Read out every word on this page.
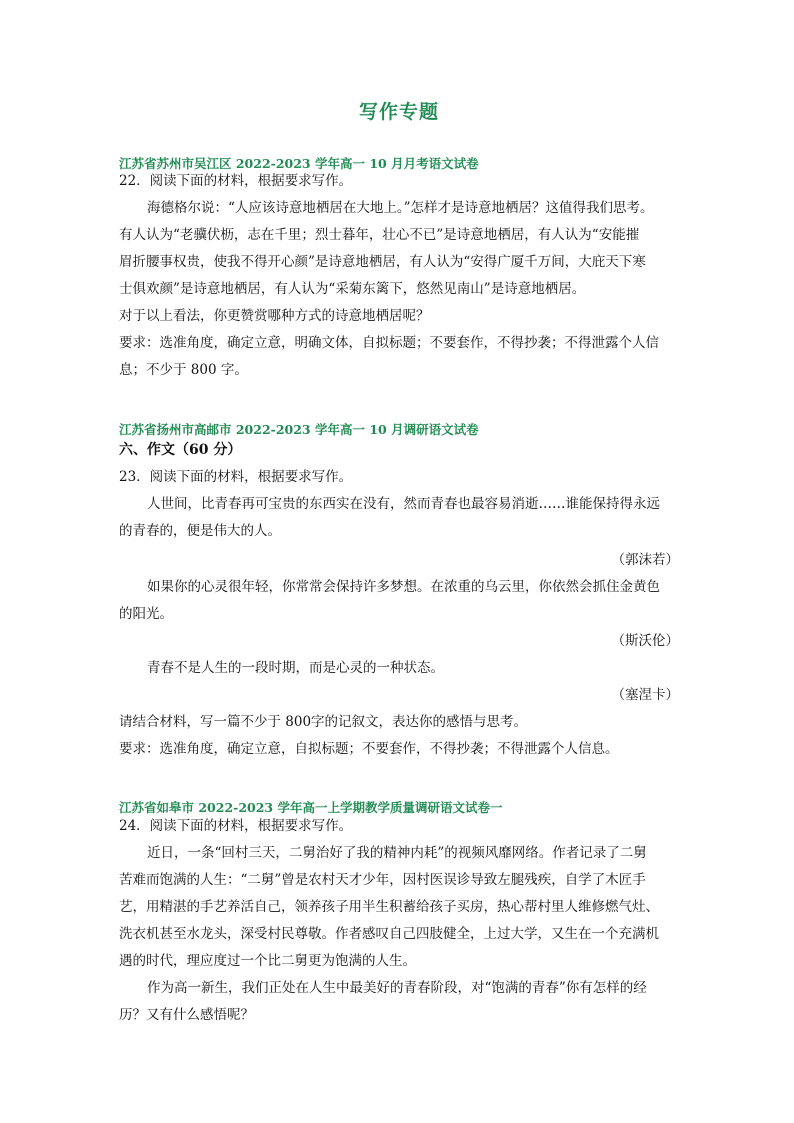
写作专题
江苏省苏州市吴江区 2022-2023 学年高一 10 月月考语文试卷
22．阅读下面的材料，根据要求写作。
海德格尔说：“人应该诗意地栖居在大地上。”怎样才是诗意地栖居？这值得我们思考。
有人认为“老骥伏枥，志在千里；烈士暮年，壮心不已”是诗意地栖居，有人认为“安能摧
眉折腰事权贵，使我不得开心颜”是诗意地栖居，有人认为“安得广厦千万间，大庇天下寒
士俱欢颜”是诗意地栖居，有人认为“采菊东篱下，悠然见南山”是诗意地栖居。
对于以上看法，你更赞赏哪种方式的诗意地栖居呢？
要求：选准角度，确定立意，明确文体，自拟标题；不要套作，不得抄袭；不得泄露个人信
息；不少于 800 字。
江苏省扬州市高邮市 2022-2023 学年高一 10 月调研语文试卷
六、作文（60 分）
23．阅读下面的材料，根据要求写作。
人世间，比青春再可宝贵的东西实在没有，然而青春也最容易消逝……谁能保持得永远
的青春的，便是伟大的人。
（郭沫若）
如果你的心灵很年轻，你常常会保持许多梦想。在浓重的乌云里，你依然会抓住金黄色
的阳光。
（斯沃伦）
青春不是人生的一段时期，而是心灵的一种状态。
（塞涅卡）
请结合材料，写一篇不少于 800字的记叙文，表达你的感悟与思考。
要求：选准角度，确定立意，自拟标题；不要套作，不得抄袭；不得泄露个人信息。
江苏省如皋市 2022-2023 学年高一上学期教学质量调研语文试卷一
24．阅读下面的材料，根据要求写作。
近日，一条“回村三天，二舅治好了我的精神内耗”的视频风靡网络。作者记录了二舅
苦难而饱满的人生：“二舅”曾是农村天才少年，因村医误诊导致左腿残疾，自学了木匠手
艺，用精湛的手艺养活自己，领养孩子用半生积蓄给孩子买房，热心帮村里人维修燃气灶、
洗衣机甚至水龙头，深受村民尊敬。作者感叹自己四肢健全，上过大学，又生在一个充满机
遇的时代，理应度过一个比二舅更为饱满的人生。
作为高一新生，我们正处在人生中最美好的青春阶段，对“饱满的青春”你有怎样的经
历？又有什么感悟呢？
